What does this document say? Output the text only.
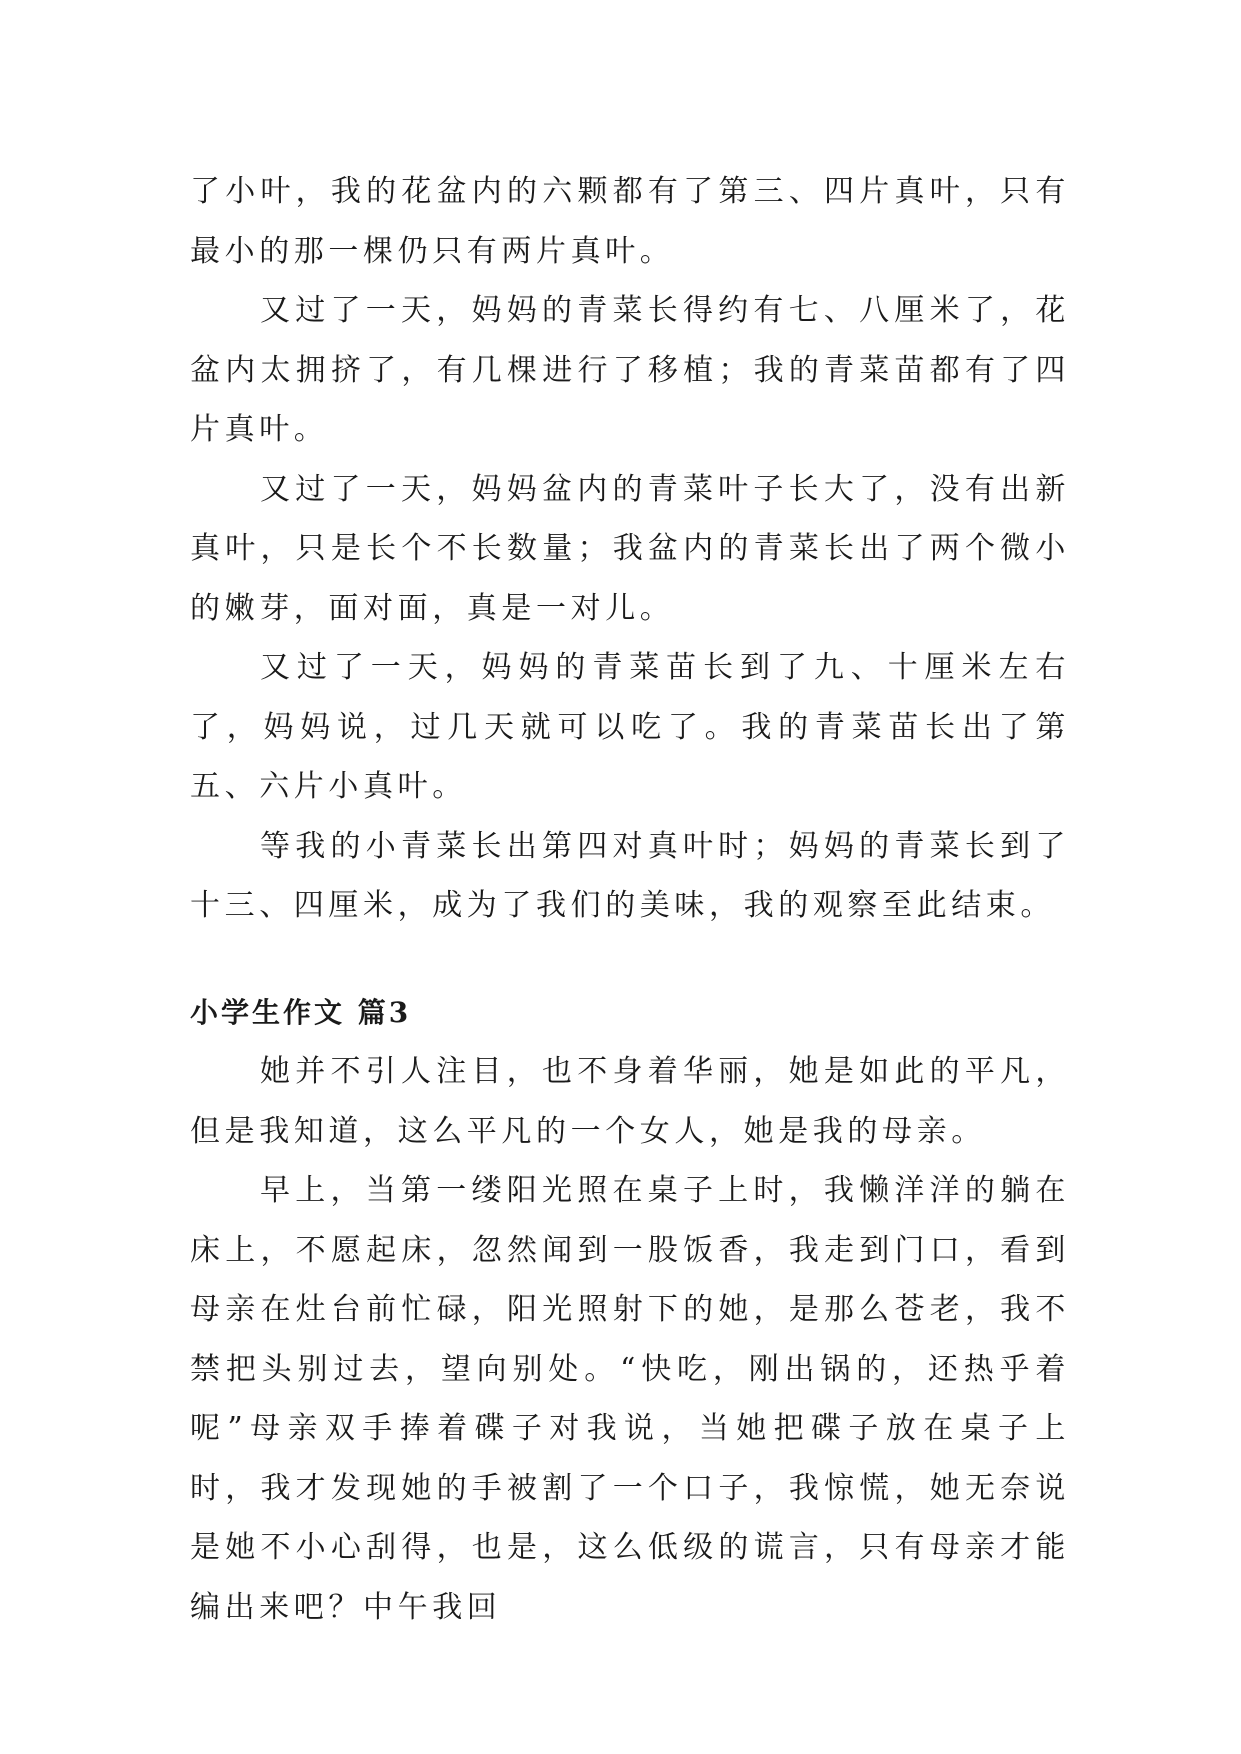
了小叶，我的花盆内的六颗都有了第三、四片真叶，只有最小的那一棵仍只有两片真叶。

又过了一天，妈妈的青菜长得约有七、八厘米了，花盆内太拥挤了，有几棵进行了移植；我的青菜苗都有了四片真叶。

又过了一天，妈妈盆内的青菜叶子长大了，没有出新真叶，只是长个不长数量；我盆内的青菜长出了两个微小的嫩芽，面对面，真是一对儿。

又过了一天，妈妈的青菜苗长到了九、十厘米左右了，妈妈说，过几天就可以吃了。我的青菜苗长出了第五、六片小真叶。

等我的小青菜长出第四对真叶时；妈妈的青菜长到了十三、四厘米，成为了我们的美味，我的观察至此结束。

小学生作文 篇3

她并不引人注目，也不身着华丽，她是如此的平凡，但是我知道，这么平凡的一个女人，她是我的母亲。

早上，当第一缕阳光照在桌子上时，我懒洋洋的躺在床上，不愿起床，忽然闻到一股饭香，我走到门口，看到母亲在灶台前忙碌，阳光照射下的她，是那么苍老，我不禁把头别过去，望向别处。“快吃，刚出锅的，还热乎着呢”母亲双手捧着碟子对我说，当她把碟子放在桌子上时，我才发现她的手被割了一个口子，我惊慌，她无奈说是她不小心刮得，也是，这么低级的谎言，只有母亲才能编出来吧？中午我回
